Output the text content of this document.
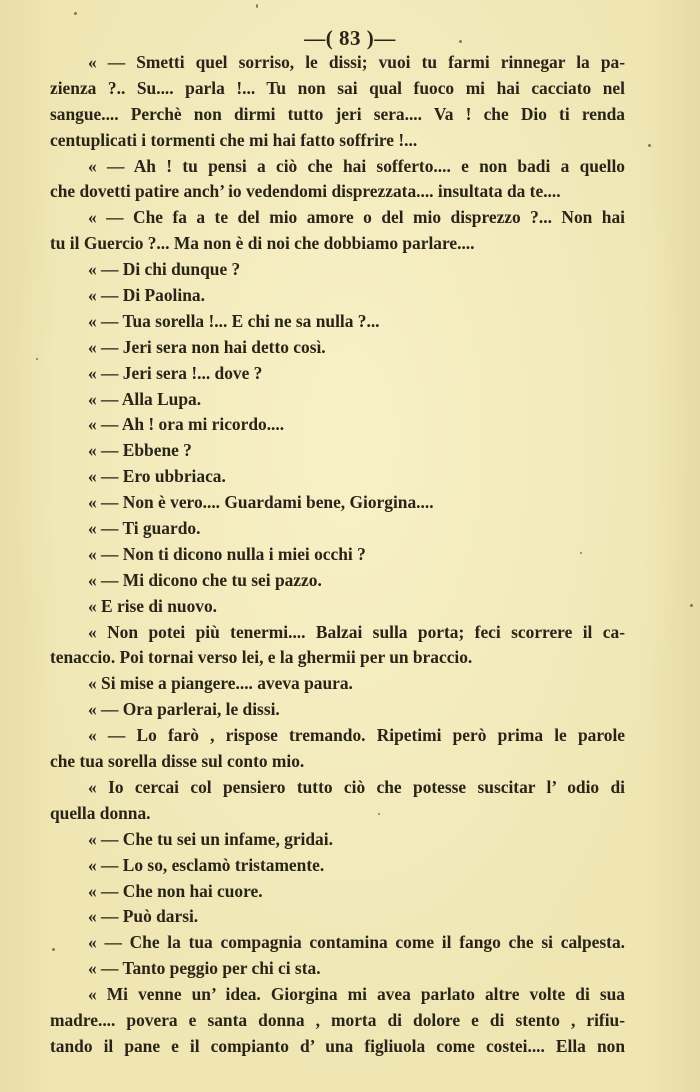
—( 83 )—
« — Smetti quel sorriso, le dissi; vuoi tu farmi rinnegar la pa-
zienza ?.. Su.... parla !... Tu non sai qual fuoco mi hai cacciato nel
sangue.... Perchè non dirmi tutto jeri sera.... Va ! che Dio ti renda
centuplicati i tormenti che mi hai fatto soffrire !...
« — Ah ! tu pensi a ciò che hai sofferto.... e non badi a quello
che dovetti patire anch’ io vedendomi disprezzata.... insultata da te....
« — Che fa a te del mio amore o del mio disprezzo ?... Non hai
tu il Guercio ?... Ma non è di noi che dobbiamo parlare....
« — Di chi dunque ?
« — Di Paolina.
« — Tua sorella !... E chi ne sa nulla ?...
« — Jeri sera non hai detto così.
« — Jeri sera !... dove ?
« — Alla Lupa.
« — Ah ! ora mi ricordo....
« — Ebbene ?
« — Ero ubbriaca.
« — Non è vero.... Guardami bene, Giorgina....
« — Ti guardo.
« — Non ti dicono nulla i miei occhi ?
« — Mi dicono che tu sei pazzo.
« E rise di nuovo.
« Non potei più tenermi.... Balzai sulla porta; feci scorrere il ca-
tenaccio. Poi tornai verso lei, e la ghermii per un braccio.
« Si mise a piangere.... aveva paura.
« — Ora parlerai, le dissi.
« — Lo farò , rispose tremando. Ripetimi però prima le parole
che tua sorella disse sul conto mio.
« Io cercai col pensiero tutto ciò che potesse suscitar l’ odio di
quella donna.
« — Che tu sei un infame, gridai.
« — Lo so, esclamò tristamente.
« — Che non hai cuore.
« — Può darsi.
« — Che la tua compagnia contamina come il fango che si calpesta.
« — Tanto peggio per chi ci sta.
« Mi venne un’ idea. Giorgina mi avea parlato altre volte di sua
madre.... povera e santa donna , morta di dolore e di stento , rifiu-
tando il pane e il compianto d’ una figliuola come costei.... Ella non
